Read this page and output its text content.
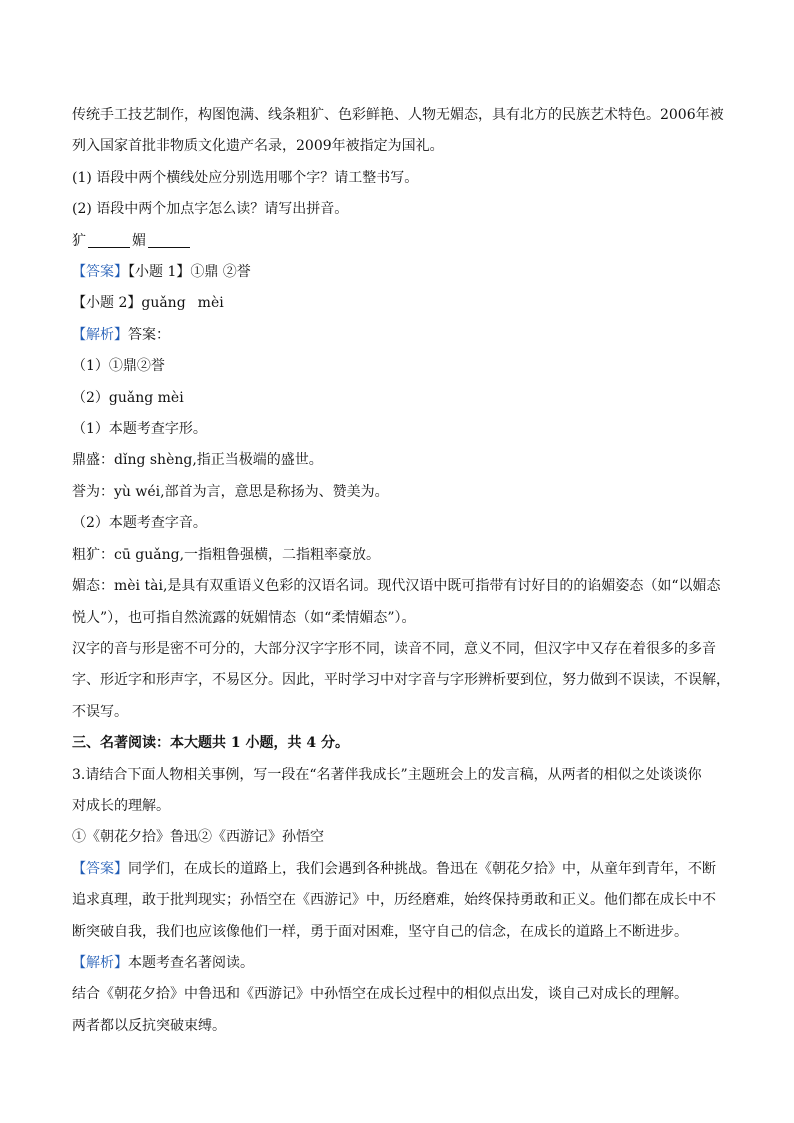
传统手工技艺制作，构图饱满、线条粗犷、色彩鲜艳、人物无媚态，具有北方的民族艺术特色。2006年被
列入国家首批非物质文化遗产名录，2009年被指定为国礼。
(1) 语段中两个横线处应分别选用哪个字？请工整书写。
(2) 语段中两个加点字怎么读？请写出拼音。
犷	媚
【答案】【小题 1】①鼎 ②誉
【小题 2】guǎng mèi
【解析】答案：
（1）①鼎②誉
（2）guǎng mèi
（1）本题考查字形。
鼎盛：dǐng shèng,指正当极端的盛世。
誉为：yù wéi,部首为言，意思是称扬为、赞美为。
（2）本题考查字音。
粗犷：cū guǎng,一指粗鲁强横，二指粗率豪放。
媚态：mèi tài,是具有双重语义色彩的汉语名词。现代汉语中既可指带有讨好目的的谄媚姿态（如“以媚态
悦人”），也可指自然流露的妩媚情态（如“柔情媚态”）。
汉字的音与形是密不可分的，大部分汉字字形不同，读音不同，意义不同，但汉字中又存在着很多的多音
字、形近字和形声字，不易区分。因此，平时学习中对字音与字形辨析要到位，努力做到不误读，不误解，
不误写。
三、名著阅读：本大题共 1 小题，共 4 分。
3.请结合下面人物相关事例，写一段在“名著伴我成长”主题班会上的发言稿，从两者的相似之处谈谈你
对成长的理解。
①《朝花夕拾》鲁迅②《西游记》孙悟空
【答案】同学们，在成长的道路上，我们会遇到各种挑战。鲁迅在《朝花夕拾》中，从童年到青年，不断
追求真理，敢于批判现实；孙悟空在《西游记》中，历经磨难，始终保持勇敢和正义。他们都在成长中不
断突破自我，我们也应该像他们一样，勇于面对困难，坚守自己的信念，在成长的道路上不断进步。
【解析】本题考查名著阅读。
结合《朝花夕拾》中鲁迅和《西游记》中孙悟空在成长过程中的相似点出发，谈自己对成长的理解。
两者都以反抗突破束缚。
